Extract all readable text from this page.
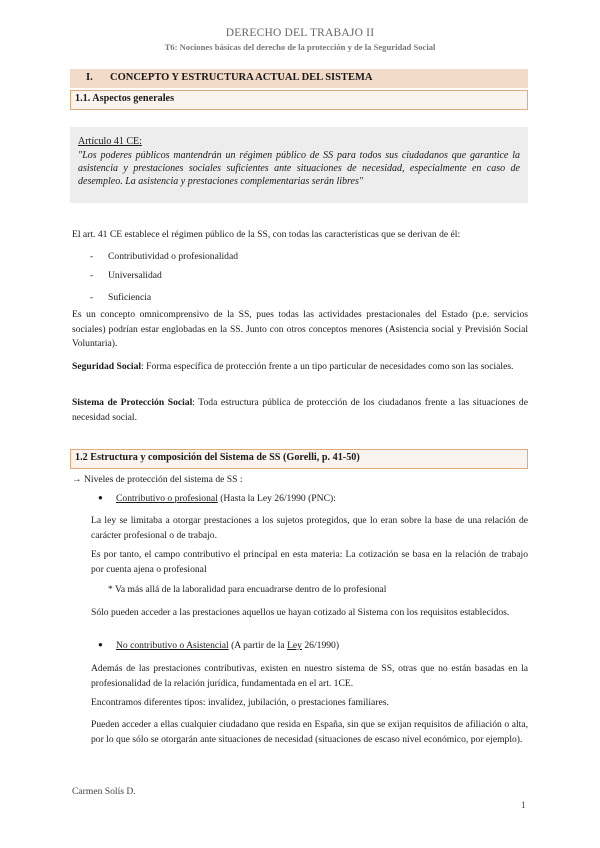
DERECHO DEL TRABAJO II
T6: Nociones básicas del derecho de la protección y de la Seguridad Social
I. CONCEPTO Y ESTRUCTURA ACTUAL DEL SISTEMA
1.1. Aspectos generales
Artículo 41 CE:
"Los poderes públicos mantendrán un régimen público de SS para todos sus ciudadanos que garantice la asistencia y prestaciones sociales suficientes ante situaciones de necesidad, especialmente en caso de desempleo. La asistencia y prestaciones complementarias serán libres"
El art. 41 CE establece el régimen público de la SS, con todas las características que se derivan de él:
- Contributividad o profesionalidad
- Universalidad
- Suficiencia
Es un concepto omnicomprensivo de la SS, pues todas las actividades prestacionales del Estado (p.e. servicios sociales) podrían estar englobadas en la SS. Junto con otros conceptos menores (Asistencia social y Previsión Social Voluntaria).
Seguridad Social: Forma específica de protección frente a un tipo particular de necesidades como son las sociales.
Sistema de Protección Social: Toda estructura pública de protección de los ciudadanos frente a las situaciones de necesidad social.
1.2 Estructura y composición del Sistema de SS (Gorelli, p. 41-50)
→ Niveles de protección del sistema de SS :
● Contributivo o profesional (Hasta la Ley 26/1990 (PNC):
La ley se limitaba a otorgar prestaciones a los sujetos protegidos, que lo eran sobre la base de una relación de carácter profesional o de trabajo.
Es por tanto, el campo contributivo el principal en esta materia: La cotización se basa en la relación de trabajo por cuenta ajena o profesional
* Va más allá de la laboralidad para encuadrarse dentro de lo profesional
Sólo pueden acceder a las prestaciones aquellos ue hayan cotizado al Sistema con los requisitos establecidos.
● No contributivo o Asistencial (A partir de la Ley 26/1990)
Además de las prestaciones contributivas, existen en nuestro sistema de SS, otras que no están basadas en la profesionalidad de la relación jurídica, fundamentada en el art. 1CE.
Encontramos diferentes tipos: invalidez, jubilación, o prestaciones familiares.
Pueden acceder a ellas cualquier ciudadano que resida en España, sin que se exijan requisitos de afiliación o alta, por lo que sólo se otorgarán ante situaciones de necesidad (situaciones de escaso nivel económico, por ejemplo).
Carmen Solís D.
1
